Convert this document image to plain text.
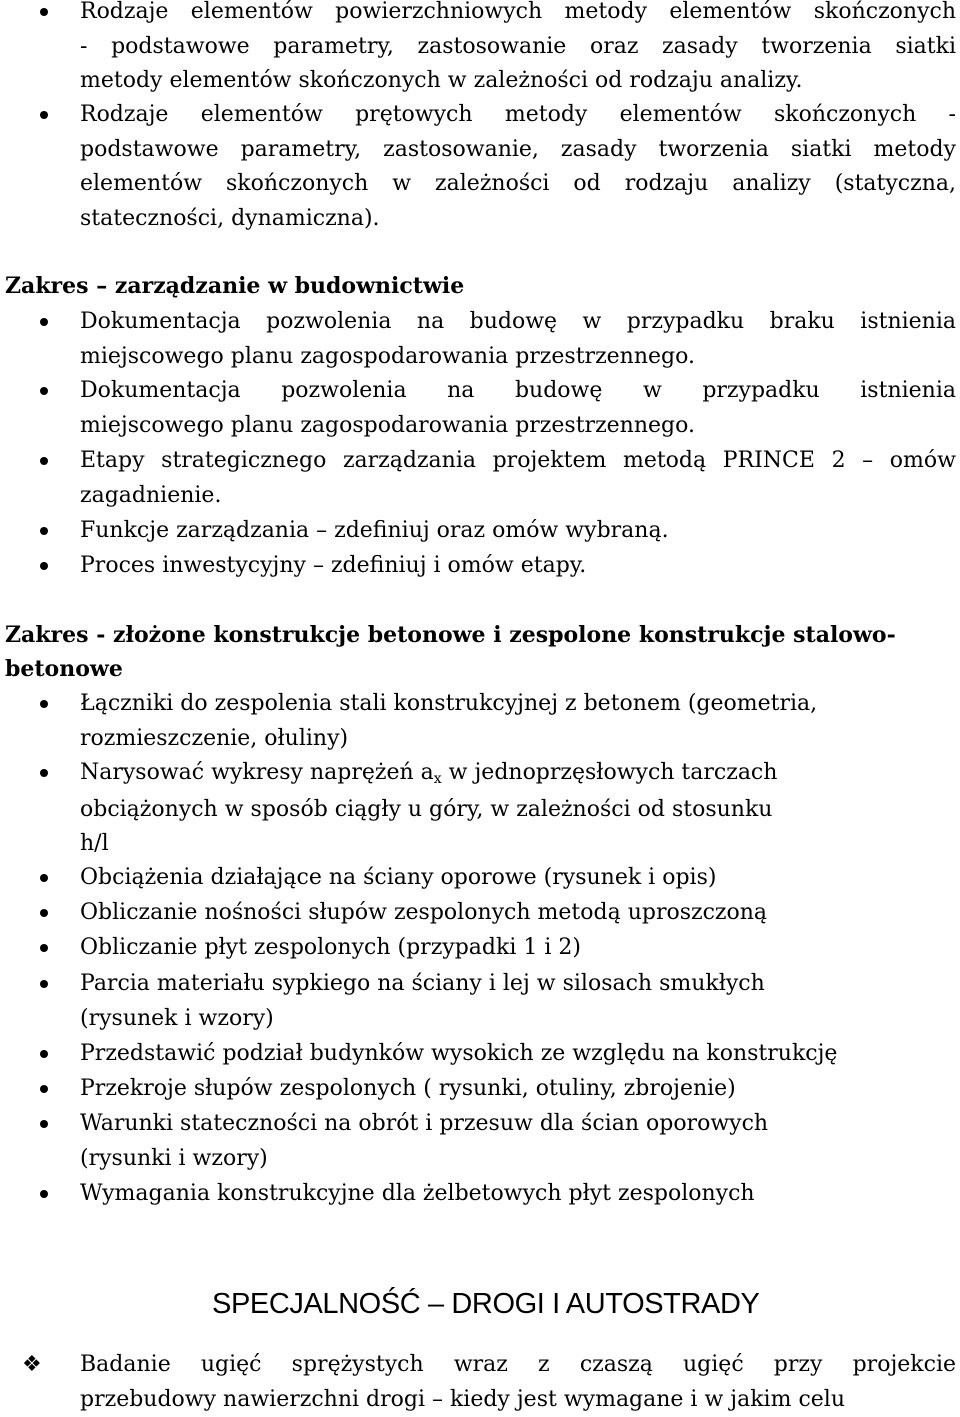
Rodzaje elementów powierzchniowych metody elementów skończonych
- podstawowe parametry, zastosowanie oraz zasady tworzenia siatki
metody elementów skończonych w zależności od rodzaju analizy.
Rodzaje elementów prętowych metody elementów skończonych -
podstawowe parametry, zastosowanie, zasady tworzenia siatki metody
elementów skończonych w zależności od rodzaju analizy (statyczna,
stateczności, dynamiczna).
Zakres – zarządzanie w budownictwie
Dokumentacja pozwolenia na budowę w przypadku braku istnienia
miejscowego planu zagospodarowania przestrzennego.
Dokumentacja pozwolenia na budowę w przypadku istnienia
miejscowego planu zagospodarowania przestrzennego.
Etapy strategicznego zarządzania projektem metodą PRINCE 2 – omów
zagadnienie.
Funkcje zarządzania – zdefiniuj oraz omów wybraną.
Proces inwestycyjny – zdefiniuj i omów etapy.
Zakres - złożone konstrukcje betonowe i zespolone konstrukcje stalowo-
betonowe
Łączniki do zespolenia stali konstrukcyjnej z betonem (geometria,
rozmieszczenie, ołuliny)
Narysować wykresy naprężeń ax w jednoprzęsłowych tarczach
obciążonych w sposób ciągły u góry, w zależności od stosunku
h/l
Obciążenia działające na ściany oporowe (rysunek i opis)
Obliczanie nośności słupów zespolonych metodą uproszczoną
Obliczanie płyt zespolonych (przypadki 1 i 2)
Parcia materiału sypkiego na ściany i lej w silosach smukłych
(rysunek i wzory)
Przedstawić podział budynków wysokich ze względu na konstrukcję
Przekroje słupów zespolonych ( rysunki, otuliny, zbrojenie)
Warunki stateczności na obrót i przesuw dla ścian oporowych
(rysunki i wzory)
Wymagania konstrukcyjne dla żelbetowych płyt zespolonych
SPECJALNOŚĆ – DROGI I AUTOSTRADY
❖ Badanie ugięć sprężystych wraz z czaszą ugięć przy projekcie
przebudowy nawierzchni drogi – kiedy jest wymagane i w jakim celu
